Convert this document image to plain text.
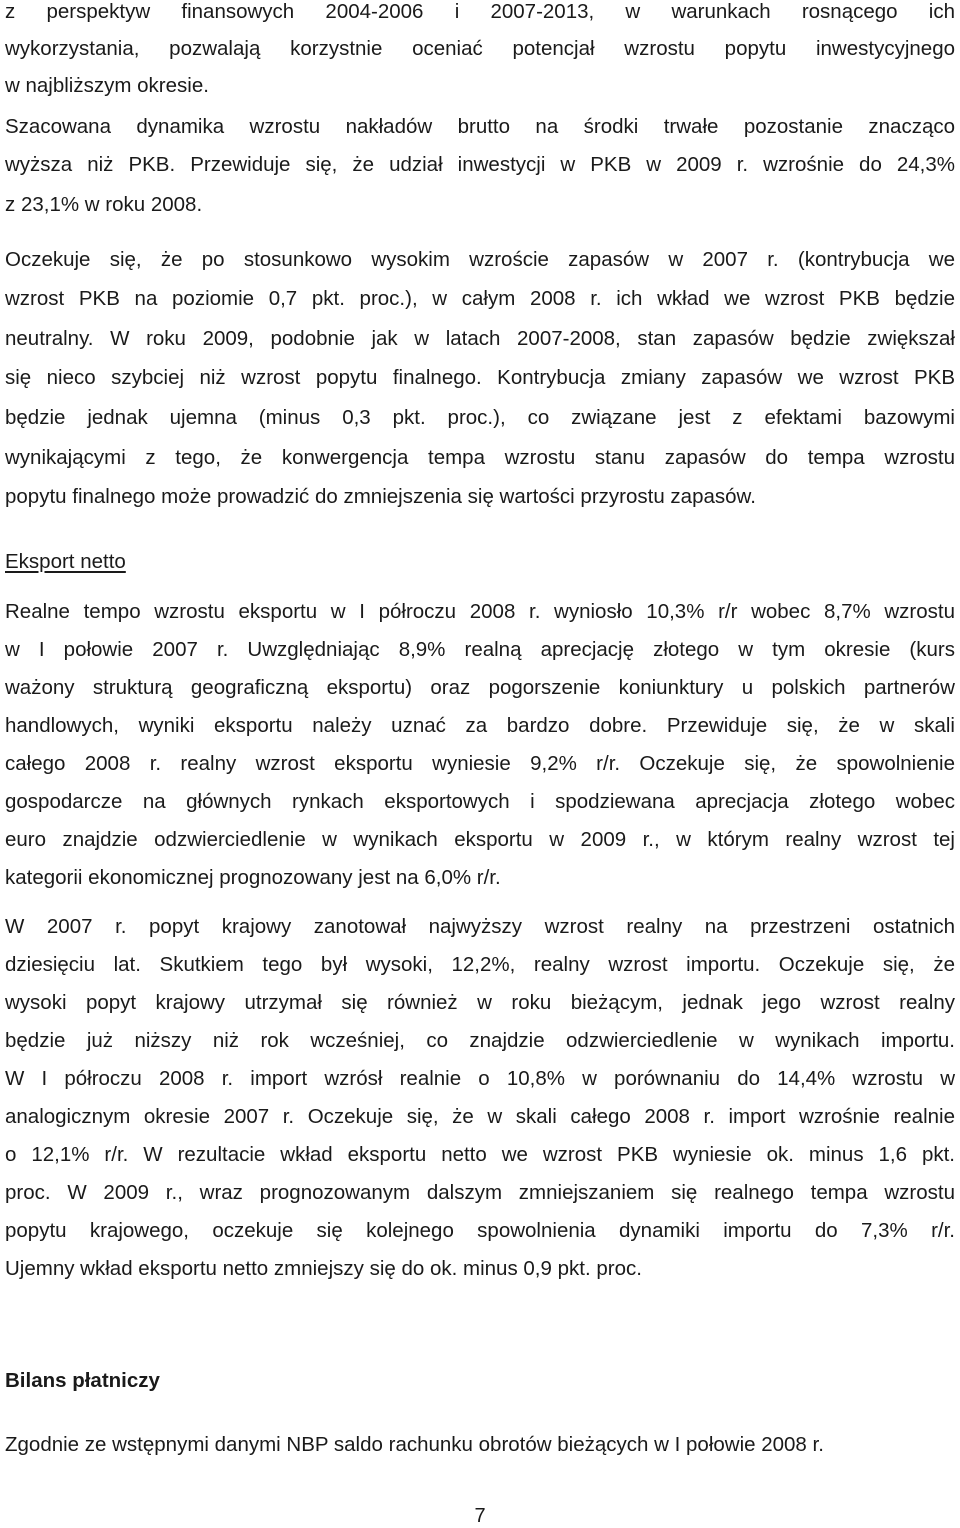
z perspektyw finansowych 2004-2006 i 2007-2013, w warunkach rosnącego ich

wykorzystania, pozwalają korzystnie oceniać potencjał wzrostu popytu inwestycyjnego

w najbliższym okresie.

Szacowana dynamika wzrostu nakładów brutto na środki trwałe pozostanie znacząco

wyższa niż PKB. Przewiduje się, że udział inwestycji w PKB w 2009 r. wzrośnie do 24,3%

z 23,1% w roku 2008.

Oczekuje się, że po stosunkowo wysokim wzroście zapasów w 2007 r. (kontrybucja we

wzrost PKB na poziomie 0,7 pkt. proc.), w całym 2008 r. ich wkład we wzrost PKB będzie

neutralny. W roku 2009, podobnie jak w latach 2007-2008, stan zapasów będzie zwiększał

się nieco szybciej niż wzrost popytu finalnego. Kontrybucja zmiany zapasów we wzrost PKB

będzie jednak ujemna (minus 0,3 pkt. proc.), co związane jest z efektami bazowymi

wynikającymi z tego, że konwergencja tempa wzrostu stanu zapasów do tempa wzrostu

popytu finalnego może prowadzić do zmniejszenia się wartości przyrostu zapasów.

Eksport netto

Realne tempo wzrostu eksportu w I półroczu 2008 r. wyniosło 10,3% r/r wobec 8,7% wzrostu

w I połowie 2007 r. Uwzględniając 8,9% realną aprecjację złotego w tym okresie (kurs

ważony strukturą geograficzną eksportu) oraz pogorszenie koniunktury u polskich partnerów

handlowych, wyniki eksportu należy uznać za bardzo dobre. Przewiduje się, że w skali

całego 2008 r. realny wzrost eksportu wyniesie 9,2% r/r. Oczekuje się, że spowolnienie

gospodarcze na głównych rynkach eksportowych i spodziewana aprecjacja złotego wobec

euro znajdzie odzwierciedlenie w wynikach eksportu w 2009 r., w którym realny wzrost tej

kategorii ekonomicznej prognozowany jest na 6,0% r/r.

W 2007 r. popyt krajowy zanotował najwyższy wzrost realny na przestrzeni ostatnich

dziesięciu lat. Skutkiem tego był wysoki, 12,2%, realny wzrost importu. Oczekuje się, że

wysoki popyt krajowy utrzymał się również w roku bieżącym, jednak jego wzrost realny

będzie już niższy niż rok wcześniej, co znajdzie odzwierciedlenie w wynikach importu.

W I półroczu 2008 r. import wzrósł realnie o 10,8% w porównaniu do 14,4% wzrostu w

analogicznym okresie 2007 r. Oczekuje się, że w skali całego 2008 r. import wzrośnie realnie

o 12,1% r/r. W rezultacie wkład eksportu netto we wzrost PKB wyniesie ok. minus 1,6 pkt.

proc. W 2009 r., wraz prognozowanym dalszym zmniejszaniem się realnego tempa wzrostu

popytu krajowego, oczekuje się kolejnego spowolnienia dynamiki importu do 7,3% r/r.

Ujemny wkład eksportu netto zmniejszy się do ok. minus 0,9 pkt. proc.

Bilans płatniczy

Zgodnie ze wstępnymi danymi NBP saldo rachunku obrotów bieżących w I połowie 2008 r.

7
